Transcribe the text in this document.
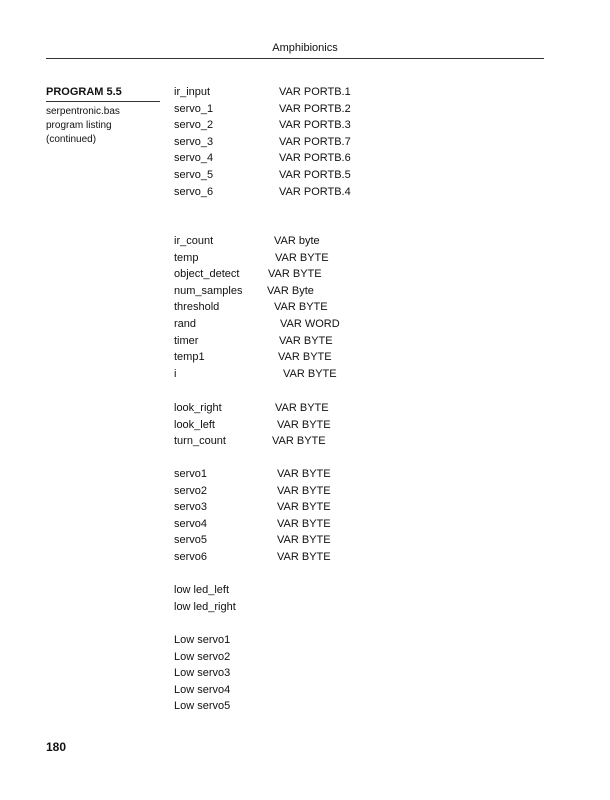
Amphibionics
PROGRAM 5.5
serpentronic.bas
program listing
(continued)
ir_input	VAR PORTB.1
servo_1	VAR PORTB.2
servo_2	VAR PORTB.3
servo_3	VAR PORTB.7
servo_4	VAR PORTB.6
servo_5	VAR PORTB.5
servo_6	VAR PORTB.4
ir_count	VAR byte
temp	VAR BYTE
object_detect	VAR BYTE
num_samples VAR Byte
threshold	VAR BYTE
rand	VAR WORD
timer	VAR BYTE
temp1	VAR BYTE
i	VAR BYTE
look_right	VAR BYTE
look_left	VAR BYTE
turn_count	VAR BYTE
servo1	VAR BYTE
servo2	VAR BYTE
servo3	VAR BYTE
servo4	VAR BYTE
servo5	VAR BYTE
servo6	VAR BYTE
low led_left
low led_right
Low servo1
Low servo2
Low servo3
Low servo4
Low servo5
180
